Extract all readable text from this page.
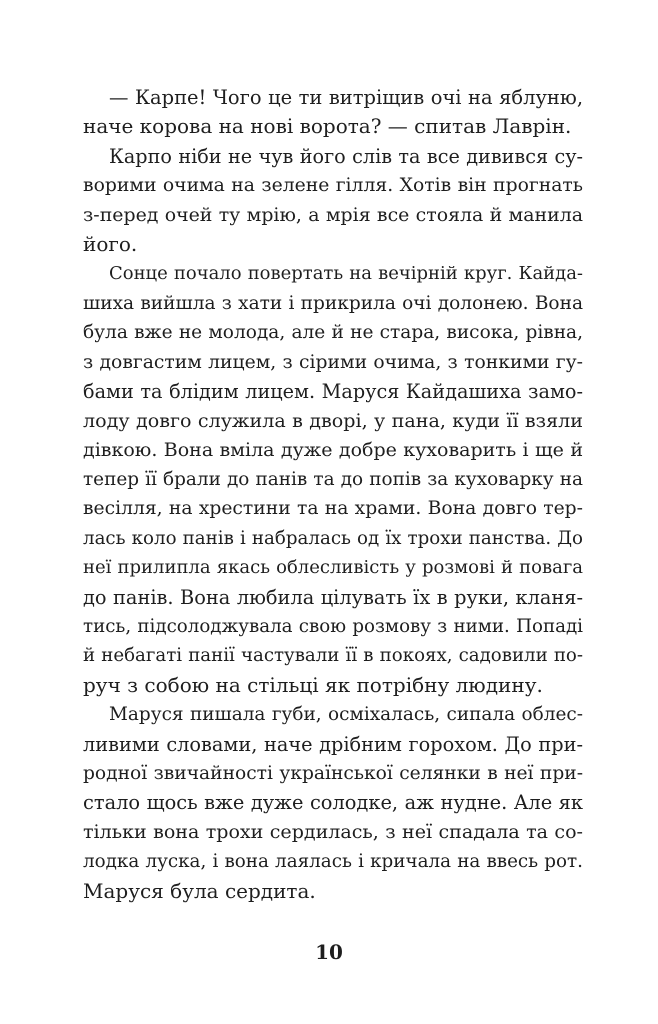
— Карпе! Чого це ти витріщив очі на яблуню,
наче корова на нові ворота? — спитав Лаврін.
Карпо ніби не чув його слів та все дивився су-
ворими очима на зелене гілля. Хотів він прогнать
з-перед очей ту мрію, а мрія все стояла й манила
його.
Сонце почало повертать на вечірній круг. Кайда-
шиха вийшла з хати і прикрила очі долонею. Вона
була вже не молода, але й не стара, висока, рівна,
з довгастим лицем, з сірими очима, з тонкими гу-
бами та блідим лицем. Маруся Кайдашиха замо-
лоду довго служила в дворі, у пана, куди її взяли
дівкою. Вона вміла дуже добре куховарить і ще й
тепер її брали до панів та до попів за куховарку на
весілля, на хрестини та на храми. Вона довго тер-
лась коло панів і набралась од їх трохи панства. До
неї прилипла якась облесливість у розмові й повага
до панів. Вона любила цілувать їх в руки, кланя-
тись, підсолоджувала свою розмову з ними. Попаді
й небагаті панії частували її в покоях, садовили по-
руч з собою на стільці як потрібну людину.
Маруся пишала губи, осміхалась, сипала облес-
ливими словами, наче дрібним горохом. До при-
родної звичайності української селянки в неї при-
стало щось вже дуже солодке, аж нудне. Але як
тільки вона трохи сердилась, з неї спадала та со-
лодка луска, і вона лаялась і кричала на ввесь рот.
Маруся була сердита.
10
